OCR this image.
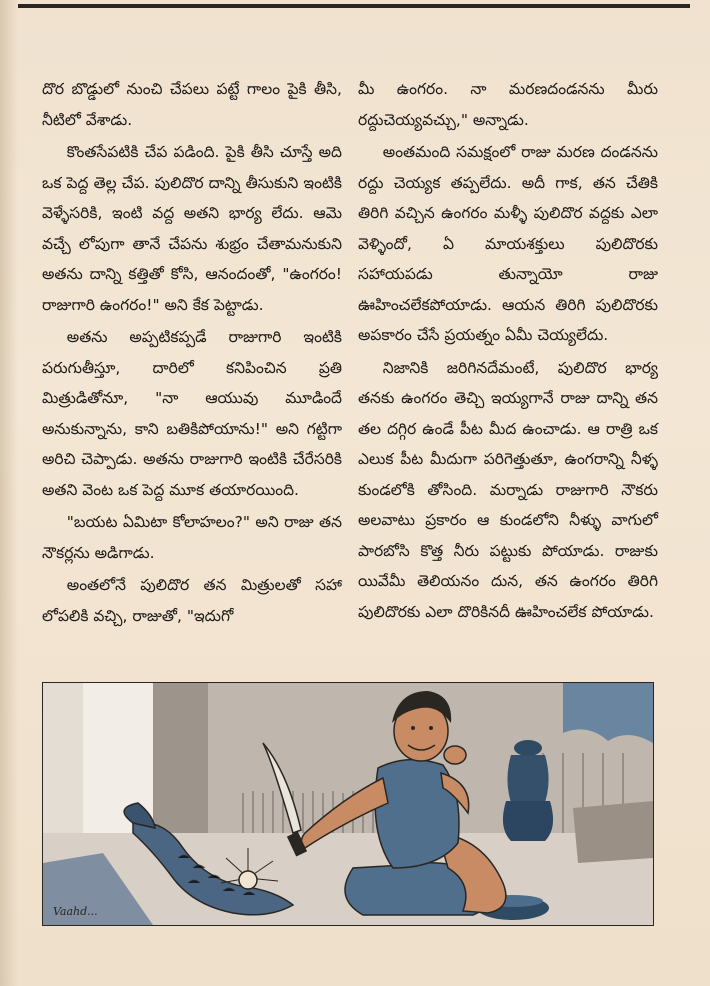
దొర బొడ్డులో నుంచి చేపలు పట్టే గాలం పైకి తీసి, నీటిలో వేశాడు.

కొంతసేపటికి చేప పడింది. పైకి తీసి చూస్తే అది ఒక పెద్ద తెల్ల చేప. పులిదొర దాన్ని తీసుకుని ఇంటికి వెళ్ళేసరికి, ఇంటి వద్ద అతని భార్య లేదు. ఆమె వచ్చే లోపుగా తానే చేపను శుభ్రం చేతామనుకుని అతను దాన్ని కత్తితో కోసి, ఆనందంతో, "ఉంగరం! రాజుగారి ఉంగరం!" అని కేక పెట్టాడు.

అతను అప్పటికప్పడే రాజుగారి ఇంటికి పరుగుతీస్తూ, దారిలో కనిపించిన ప్రతి మిత్రుడితోనూ, "నా ఆయువు మూడిందే అనుకున్నాను, కాని బతికిపోయాను!" అని గట్టిగా అరిచి చెప్పాడు. అతను రాజుగారి ఇంటికి చేరేసరికి అతని వెంట ఒక పెద్ద మూక తయారయింది.

"బయట ఏమిటా కోలాహలం?" అని రాజు తన నౌకర్లను అడిగాడు.

అంతలోనే పులిదొర తన మిత్రులతో సహా లోపలికి వచ్చి, రాజుతో, "ఇదుగో

మీ ఉంగరం. నా మరణదండనను మీరు రద్దుచెయ్యవచ్చు," అన్నాడు.

అంతమంది సమక్షంలో రాజు మరణ దండనను రద్దు చెయ్యక తప్పలేదు. అదీ గాక, తన చేతికి తిరిగి వచ్చిన ఉంగరం మళ్ళీ పులిదొర వద్దకు ఎలా వెళ్ళిందో, ఏ మాయశక్తులు పులిదొరకు సహాయపడు తున్నాయో రాజు ఊహించలేకపోయాడు. ఆయన తిరిగి పులిదొరకు అపకారం చేసే ప్రయత్నం ఏమీ చెయ్యలేదు.

నిజానికి జరిగినదేమంటే, పులిదొర భార్య తనకు ఉంగరం తెచ్చి ఇయ్యగానే రాజు దాన్ని తన తల దగ్గిర ఉండే పీట మీద ఉంచాడు. ఆ రాత్రి ఒక ఎలుక పీట మీదుగా పరిగెత్తుతూ, ఉంగరాన్ని నీళ్ళ కుండలోకి తోసింది. మర్నాడు రాజుగారి నౌకరు అలవాటు ప్రకారం ఆ కుండలోని నీళ్ళు వాగులో పారబోసి కొత్త నీరు పట్టుకు పోయాడు. రాజుకు యివేమీ తెలియనం దున, తన ఉంగరం తిరిగి పులిదొరకు ఎలా దొరికినదీ ఊహించలేక పోయాడు.

Vaahd...
